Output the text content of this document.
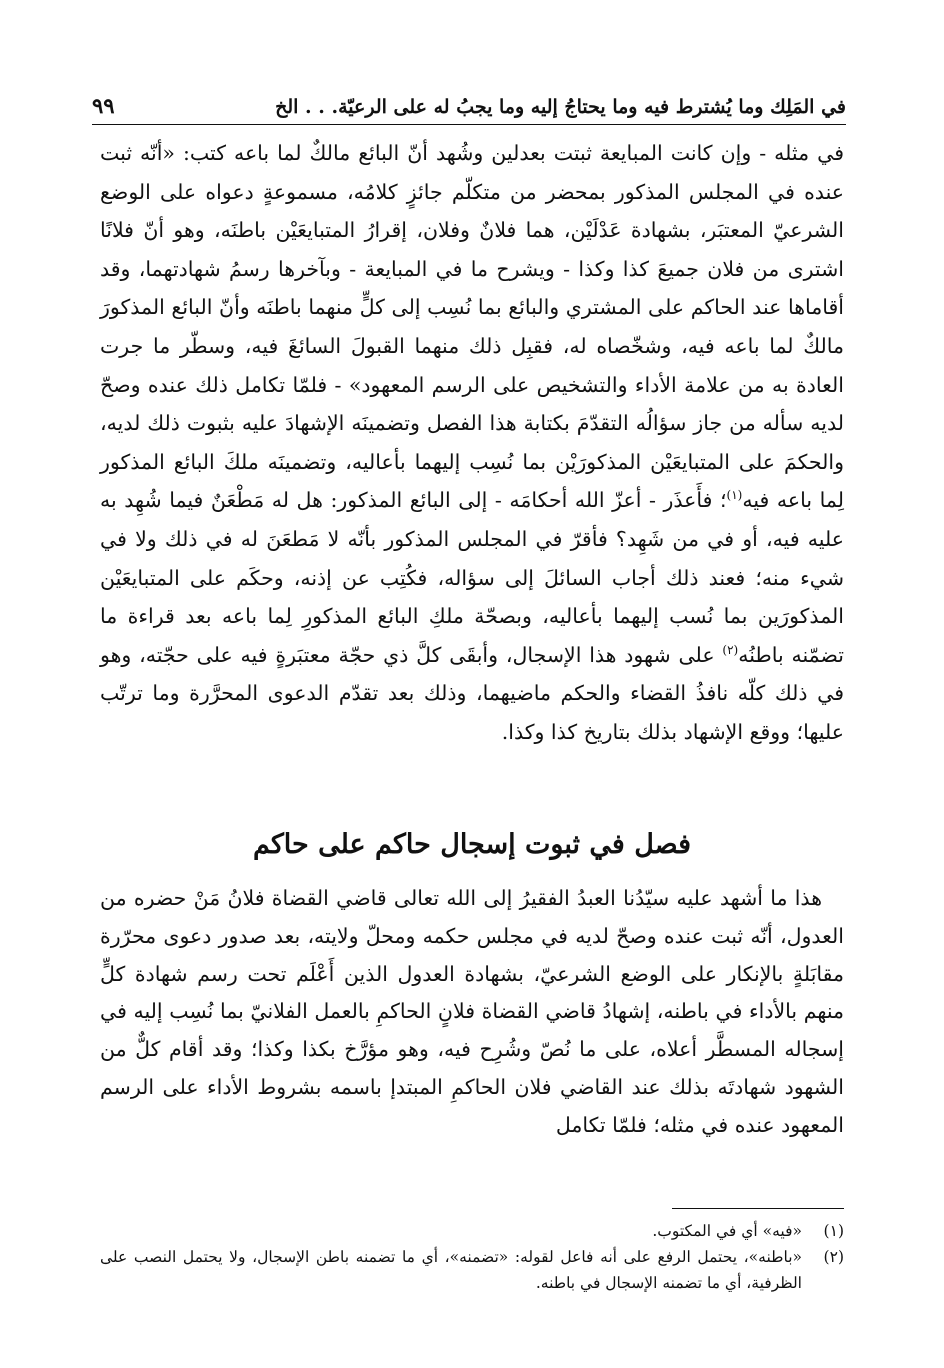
في المَلِك وما يُشترط فيه وما يحتاجُ إليه وما يجبُ له على الرعيّة. . . الخ
٩٩

في مثله - وإن كانت المبايعة ثبتت بعدلين وشُهد أنّ البائع مالكٌ لما باعه كتب: «أنّه ثبت عنده في المجلس المذكور بمحضر من متكلّم جائزٍ كلامُه، مسموعةٍ دعواه على الوضع الشرعيّ المعتبَر، بشهادة عَدْلَيْن، هما فلانٌ وفلان، إقرارُ المتبايعَيْن باطنَه، وهو أنّ فلانًا اشترى من فلان جميعَ كذا وكذا - ويشرح ما في المبايعة - وبآخرها رسمُ شهادتهما، وقد أقاماها عند الحاكم على المشتري والبائع بما نُسِب إلى كلٍّ منهما باطنَه وأنّ البائع المذكورَ مالكٌ لما باعه فيه، وشخّصاه له، فقبِل ذلك منهما القبولَ السائغَ فيه، وسطّر ما جرت العادة به من علامة الأداء والتشخيص على الرسم المعهود» - فلمّا تكامل ذلك عنده وصحّ لديه سأله من جاز سؤالُه التقدّمَ بكتابة هذا الفصل وتضمينَه الإشهادَ عليه بثبوت ذلك لديه، والحكمَ على المتبايعَيْن المذكورَيْن بما نُسِب إليهما بأعاليه، وتضمينَه ملكَ البائع المذكور لِما باعه فيه$^{(١)}$؛ فأَعذَر - أعزّ الله أحكامَه - إلى البائع المذكور: هل له مَطْعَنٌ فيما شُهِد به عليه فيه، أو في من شَهِد؟ فأقرّ في المجلس المذكور بأنّه لا مَطعَنَ له في ذلك ولا في شيء منه؛ فعند ذلك أجاب السائلَ إلى سؤاله، فكُتِب عن إذنه، وحكَم على المتبايعَيْن المذكورَين بما نُسب إليهما بأعاليه، وبصحّة ملكِ البائع المذكورِ لِما باعه بعد قراءة ما تضمّنه باطنُه$^{(٢)}$ على شهود هذا الإسجال، وأبقَى كلَّ ذي حجّة معتبَرةٍ فيه على حجّته، وهو في ذلك كلّه نافذُ القضاء والحكم ماضيهما، وذلك بعد تقدّم الدعوى المحرَّرة وما ترتّب عليها؛ ووقع الإشهاد بذلك بتاريخ كذا وكذا.

فصل في ثبوت إسجال حاكم على حاكم

هذا ما أشهد عليه سيّدُنا العبدُ الفقيرُ إلى الله تعالى قاضي القضاة فلانُ مَنْ حضره من العدول، أنّه ثبت عنده وصحّ لديه في مجلس حكمه ومحلّ ولايته، بعد صدور دعوى محرّرة مقابَلةٍ بالإنكار على الوضع الشرعيّ، بشهادة العدول الذين أَعْلَم تحت رسم شهادة كلٍّ منهم بالأداء في باطنه، إشهادُ قاضي القضاة فلانٍ الحاكمِ بالعمل الفلانيّ بما نُسِب إليه في إسجاله المسطَّر أعلاه، على ما نُصّ وشُرِح فيه، وهو مؤرَّخ بكذا وكذا؛ وقد أقام كلٌّ من الشهود شهادتَه بذلك عند القاضي فلان الحاكمِ المبتدإ باسمه بشروط الأداء على الرسم المعهود عنده في مثله؛ فلمّا تكامل

(١)
«فيه» أي في المكتوب.

(٢)
«باطنه»، يحتمل الرفع على أنه فاعل لقوله: «تضمنه»، أي ما تضمنه باطن الإسجال، ولا يحتمل النصب على الظرفية، أي ما تضمنه الإسجال في باطنه.
